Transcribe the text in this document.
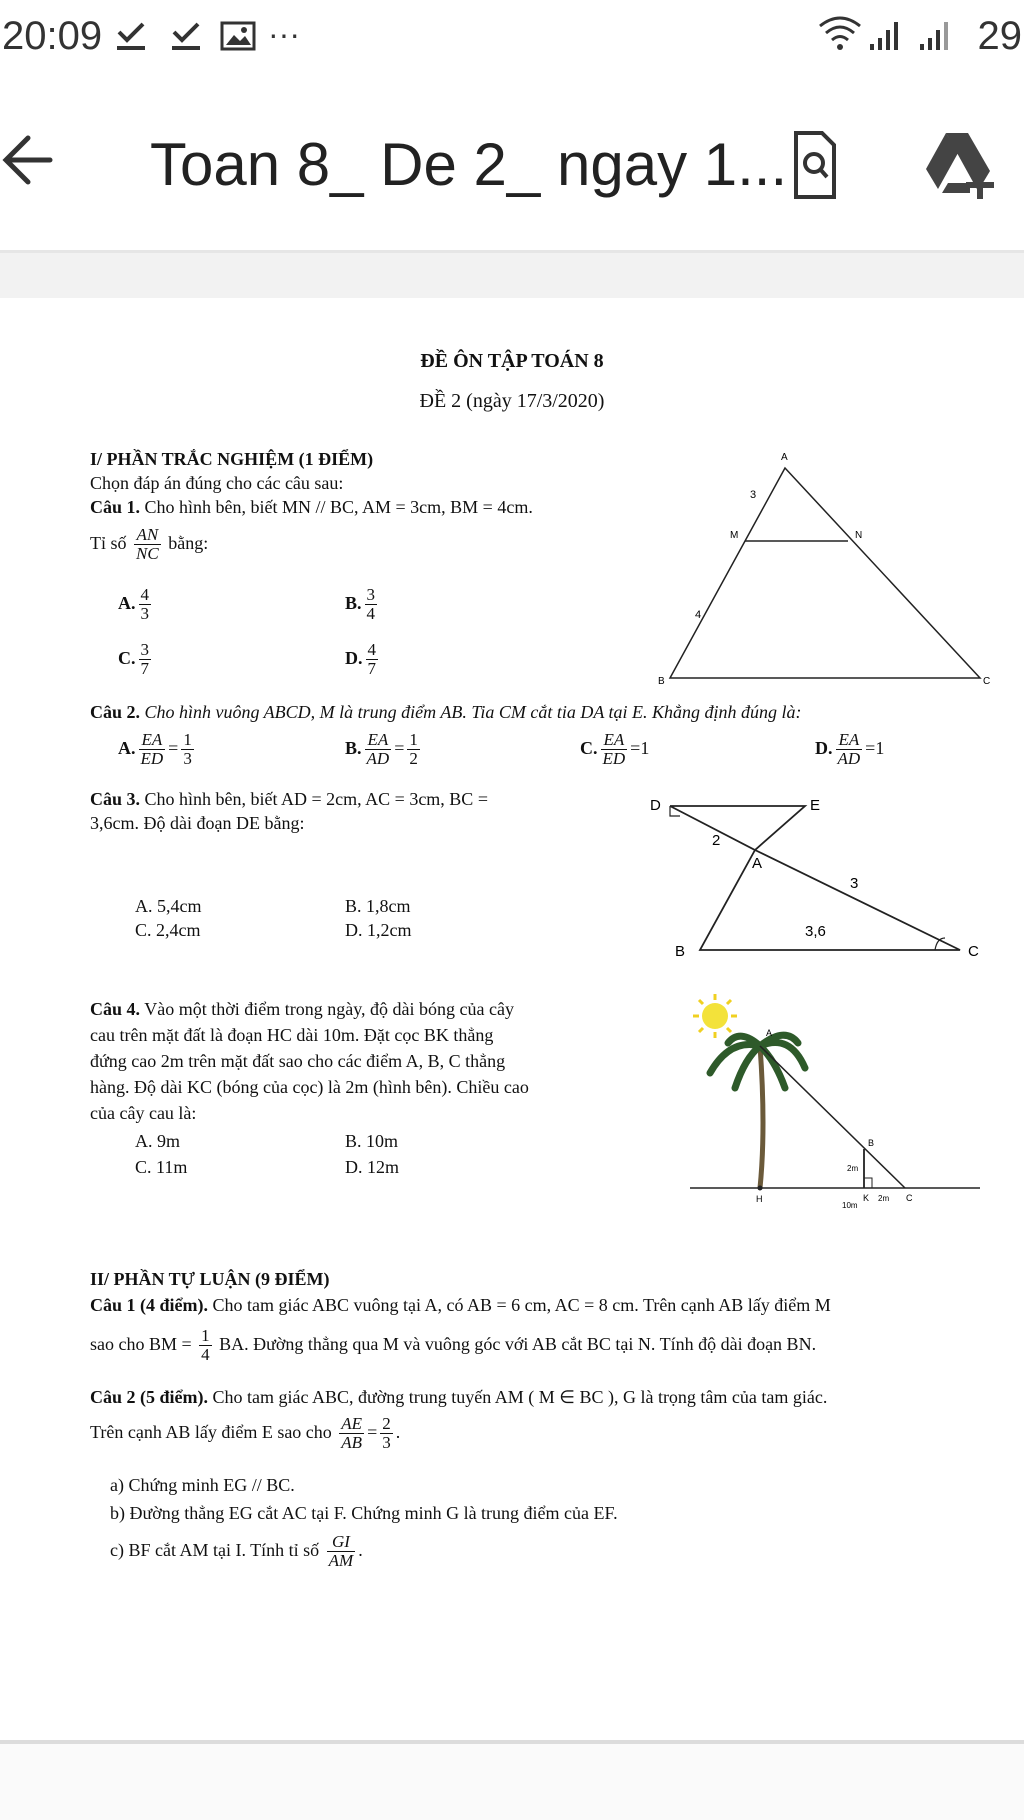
20:09	···	29
Toan 8_ De 2_ ngay 1...
ĐỀ ÔN TẬP TOÁN 8
ĐỀ 2 (ngày 17/3/2020)
I/ PHẦN TRẮC NGHIỆM (1 ĐIỂM)
Chọn đáp án đúng cho các câu sau:
Câu 1. Cho hình bên, biết MN // BC, AM = 3cm, BM = 4cm.
Tỉ số $\frac{AN}{NC}$ bằng:
A. $\frac{4}{3}$	B. $\frac{3}{4}$
C. $\frac{3}{7}$	D. $\frac{4}{7}$
A
M	N
B	C
3
4
Câu 2. Cho hình vuông ABCD, M là trung điểm AB. Tia CM cắt tia DA tại E. Khẳng định đúng là:
A. $\frac{EA}{ED} = \frac{1}{3}$	B. $\frac{EA}{AD} = \frac{1}{2}$	C. $\frac{EA}{ED} =1$	D. $\frac{EA}{AD} =1$
Câu 3. Cho hình bên, biết AD = 2cm, AC = 3cm, BC =
3,6cm. Độ dài đoạn DE bằng:
A. 5,4cm	B. 1,8cm
C. 2,4cm	D. 1,2cm
D	E
A
B	C
2
3
3,6
Câu 4. Vào một thời điểm trong ngày, độ dài bóng của cây
cau trên mặt đất là đoạn HC dài 10m. Đặt cọc BK thẳng
đứng cao 2m trên mặt đất sao cho các điểm A, B, C thẳng
hàng. Độ dài KC (bóng của cọc) là 2m (hình bên). Chiều cao
của cây cau là:
A. 9m	B. 10m
C. 11m	D. 12m
A
B
K
H	C
2m
2m
10m
II/ PHẦN TỰ LUẬN (9 ĐIỂM)
Câu 1 (4 điểm). Cho tam giác ABC vuông tại A, có AB = 6 cm, AC = 8 cm. Trên cạnh AB lấy điểm M
sao cho BM = $\frac{1}{4}$ BA. Đường thẳng qua M và vuông góc với AB cắt BC tại N. Tính độ dài đoạn BN.
Câu 2 (5 điểm). Cho tam giác ABC, đường trung tuyến AM ( M ∈ BC ), G là trọng tâm của tam giác.
Trên cạnh AB lấy điểm E sao cho $\frac{AE}{AB} = \frac{2}{3}$ .
a) Chứng minh EG // BC.
b) Đường thẳng EG cắt AC tại F. Chứng minh G là trung điểm của EF.
c) BF cắt AM tại I. Tính tỉ số $\frac{GI}{AM}$ .
